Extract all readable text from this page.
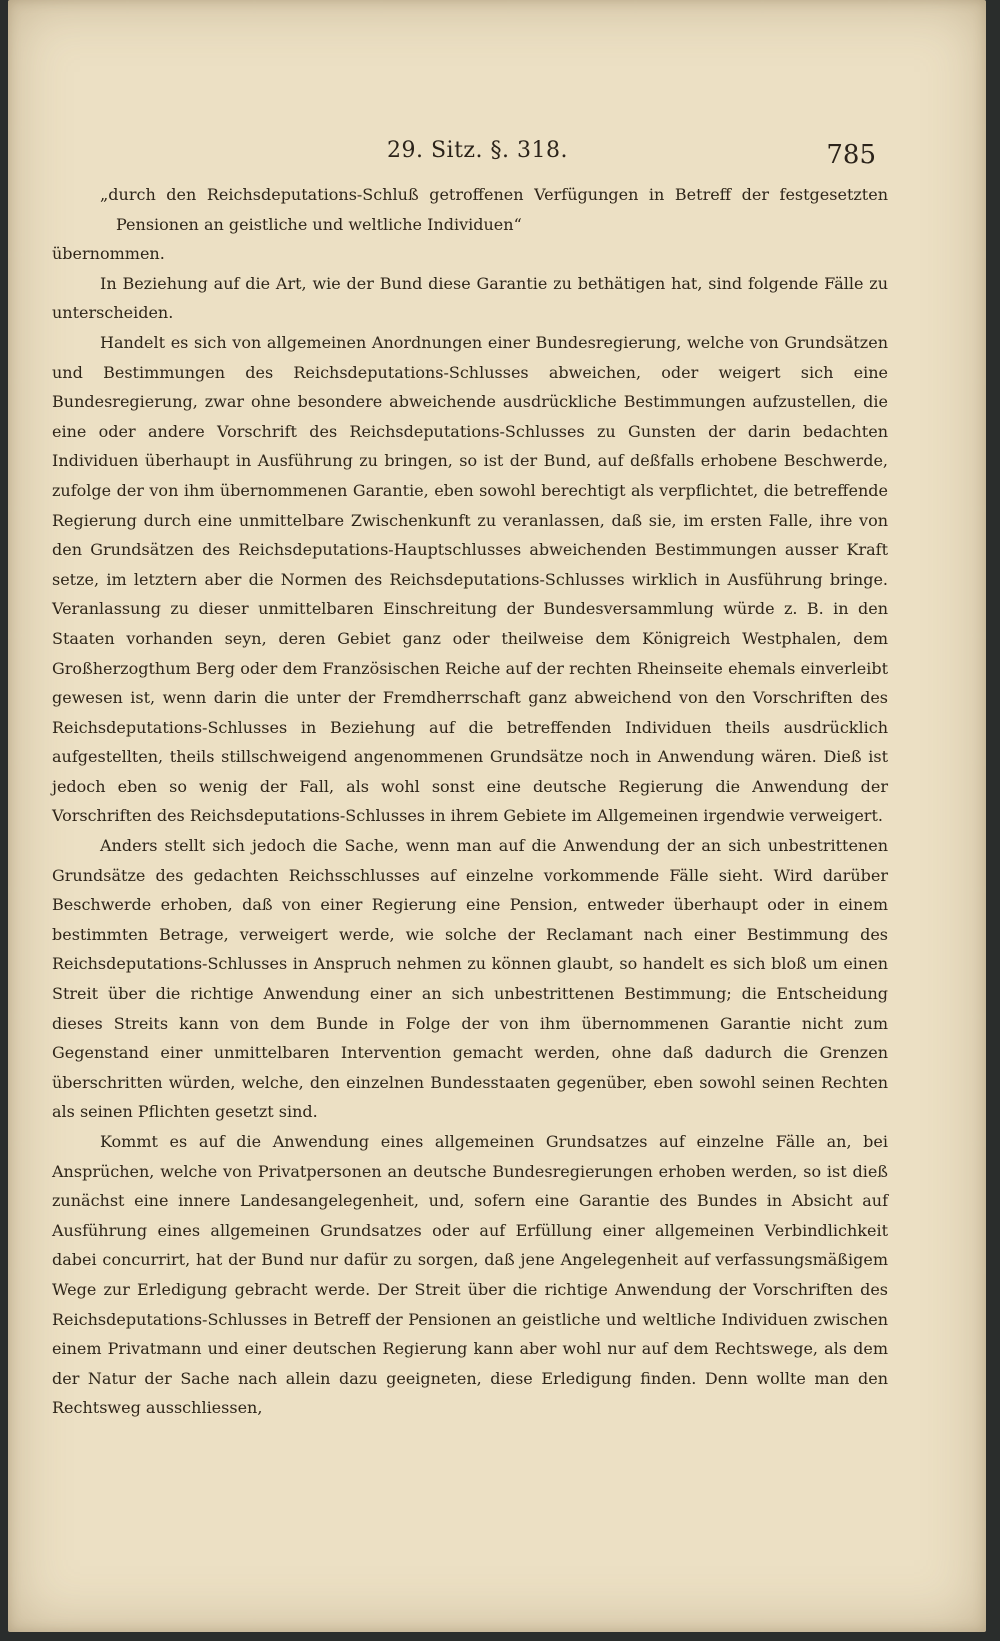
29. Sitz. §. 318.	785

„durch den Reichsdeputations-Schluß getroffenen Verfügungen in Betreff der festgesetzten Pensionen an geistliche und weltliche Individuen“

übernommen.

In Beziehung auf die Art, wie der Bund diese Garantie zu bethätigen hat, sind folgende Fälle zu unterscheiden.

Handelt es sich von allgemeinen Anordnungen einer Bundesregierung, welche von Grundsätzen und Bestimmungen des Reichsdeputations-Schlusses abweichen, oder weigert sich eine Bundesregierung, zwar ohne besondere abweichende ausdrückliche Bestimmungen aufzustellen, die eine oder andere Vorschrift des Reichsdeputations-Schlusses zu Gunsten der darin bedachten Individuen überhaupt in Ausführung zu bringen, so ist der Bund, auf deßfalls erhobene Beschwerde, zufolge der von ihm übernommenen Garantie, eben sowohl berechtigt als verpflichtet, die betreffende Regierung durch eine unmittelbare Zwischenkunft zu veranlassen, daß sie, im ersten Falle, ihre von den Grundsätzen des Reichsdeputations-Hauptschlusses abweichenden Bestimmungen ausser Kraft setze, im letztern aber die Normen des Reichsdeputations-Schlusses wirklich in Ausführung bringe. Veranlassung zu dieser unmittelbaren Einschreitung der Bundesversammlung würde z. B. in den Staaten vorhanden seyn, deren Gebiet ganz oder theilweise dem Königreich Westphalen, dem Großherzogthum Berg oder dem Französischen Reiche auf der rechten Rheinseite ehemals einverleibt gewesen ist, wenn darin die unter der Fremdherrschaft ganz abweichend von den Vorschriften des Reichsdeputations-Schlusses in Beziehung auf die betreffenden Individuen theils ausdrücklich aufgestellten, theils stillschweigend angenommenen Grundsätze noch in Anwendung wären. Dieß ist jedoch eben so wenig der Fall, als wohl sonst eine deutsche Regierung die Anwendung der Vorschriften des Reichsdeputations-Schlusses in ihrem Gebiete im Allgemeinen irgendwie verweigert.

Anders stellt sich jedoch die Sache, wenn man auf die Anwendung der an sich unbestrittenen Grundsätze des gedachten Reichsschlusses auf einzelne vorkommende Fälle sieht. Wird darüber Beschwerde erhoben, daß von einer Regierung eine Pension, entweder überhaupt oder in einem bestimmten Betrage, verweigert werde, wie solche der Reclamant nach einer Bestimmung des Reichsdeputations-Schlusses in Anspruch nehmen zu können glaubt, so handelt es sich bloß um einen Streit über die richtige Anwendung einer an sich unbestrittenen Bestimmung; die Entscheidung dieses Streits kann von dem Bunde in Folge der von ihm übernommenen Garantie nicht zum Gegenstand einer unmittelbaren Intervention gemacht werden, ohne daß dadurch die Grenzen überschritten würden, welche, den einzelnen Bundesstaaten gegenüber, eben sowohl seinen Rechten als seinen Pflichten gesetzt sind.

Kommt es auf die Anwendung eines allgemeinen Grundsatzes auf einzelne Fälle an, bei Ansprüchen, welche von Privatpersonen an deutsche Bundesregierungen erhoben werden, so ist dieß zunächst eine innere Landesangelegenheit, und, sofern eine Garantie des Bundes in Absicht auf Ausführung eines allgemeinen Grundsatzes oder auf Erfüllung einer allgemeinen Verbindlichkeit dabei concurrirt, hat der Bund nur dafür zu sorgen, daß jene Angelegenheit auf verfassungsmäßigem Wege zur Erledigung gebracht werde. Der Streit über die richtige Anwendung der Vorschriften des Reichsdeputations-Schlusses in Betreff der Pensionen an geistliche und weltliche Individuen zwischen einem Privatmann und einer deutschen Regierung kann aber wohl nur auf dem Rechtswege, als dem der Natur der Sache nach allein dazu geeigneten, diese Erledigung finden. Denn wollte man den Rechtsweg ausschliessen,
